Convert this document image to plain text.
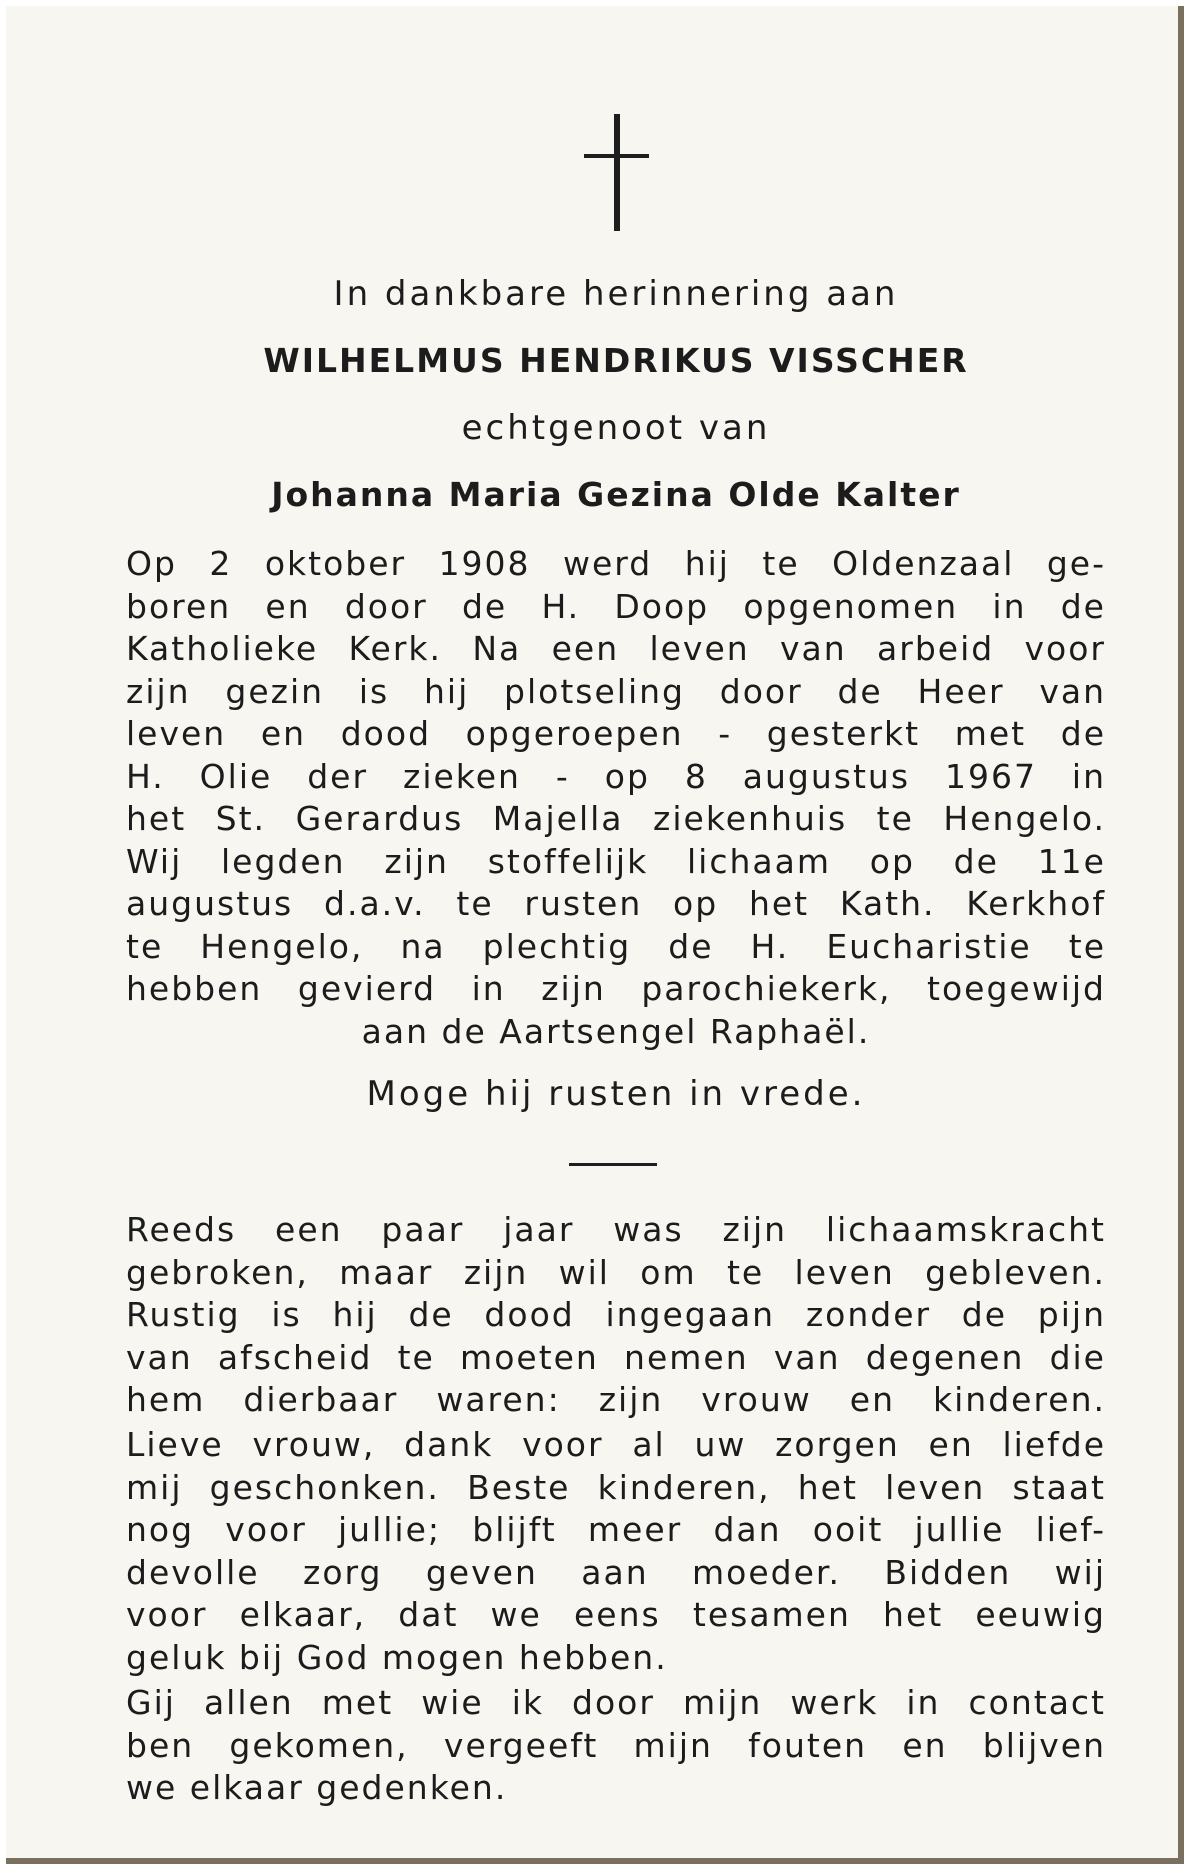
In dankbare herinnering aan
WILHELMUS HENDRIKUS VISSCHER
echtgenoot van
Johanna Maria Gezina Olde Kalter
Op 2 oktober 1908 werd hij te Oldenzaal ge-
boren en door de H. Doop opgenomen in de
Katholieke Kerk. Na een leven van arbeid voor
zijn gezin is hij plotseling door de Heer van
leven en dood opgeroepen - gesterkt met de
H. Olie der zieken - op 8 augustus 1967 in
het St. Gerardus Majella ziekenhuis te Hengelo.
Wij legden zijn stoffelijk lichaam op de 11e
augustus d.a.v. te rusten op het Kath. Kerkhof
te Hengelo, na plechtig de H. Eucharistie te
hebben gevierd in zijn parochiekerk, toegewijd
aan de Aartsengel Raphaël.
Moge hij rusten in vrede.
Reeds een paar jaar was zijn lichaamskracht
gebroken, maar zijn wil om te leven gebleven.
Rustig is hij de dood ingegaan zonder de pijn
van afscheid te moeten nemen van degenen die
hem dierbaar waren: zijn vrouw en kinderen.
Lieve vrouw, dank voor al uw zorgen en liefde
mij geschonken. Beste kinderen, het leven staat
nog voor jullie; blijft meer dan ooit jullie lief-
devolle zorg geven aan moeder. Bidden wij
voor elkaar, dat we eens tesamen het eeuwig
geluk bij God mogen hebben.
Gij allen met wie ik door mijn werk in contact
ben gekomen, vergeeft mijn fouten en blijven
we elkaar gedenken.
